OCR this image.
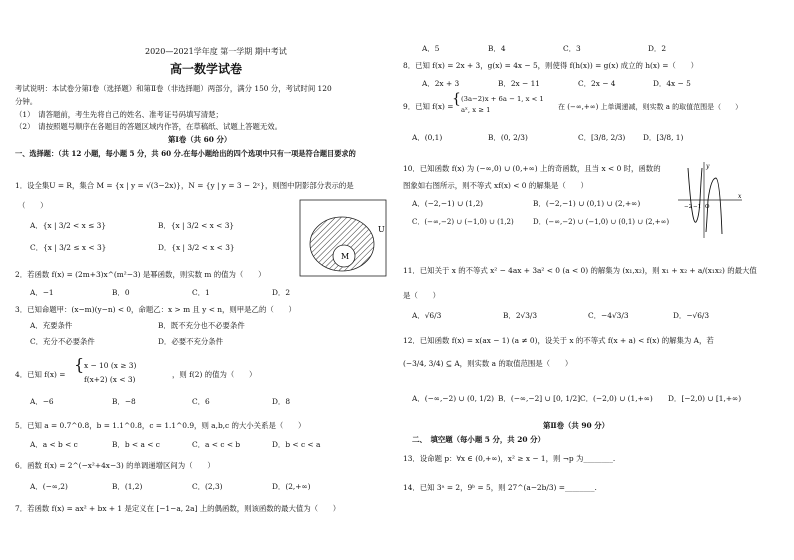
2020—2021学年度 第一学期 期中考试
高一数学试卷
考试说明：本试卷分第Ⅰ卷（选择题）和第Ⅱ卷（非选择题）两部分，满分 150 分，考试时间 120
分钟。
（1）　请答题前，考生先将自己的姓名、准考证号码填写清楚；
（2）　请按照题号顺序在各题目的答题区域内作答，在草稿纸、试题上答题无效。
第Ⅰ卷（共 60 分）
一、选择题：（共 12 小题，每小题 5 分，共 60 分.在每小题给出的四个选项中只有一项是符合题目要求的
1．设全集U = R，集合 M = {x | y = √(3−2x)}，N = {y | y = 3 − 2ˣ}，则图中阴影部分表示的是
（　　）
A．{x | 3/2 < x ≤ 3}	B．{x | 3/2 < x < 3}
C．{x | 3/2 ≤ x < 3}	D．{x | 3/2 < x < 3}
M
U
2．若函数 f(x) = (2m+3)x^(m²−3) 是幂函数，则实数 m 的值为（　　）
A．−1	B．0	C．1	D．2
3．已知命题甲：(x−m)(y−n) < 0，命题乙：x > m 且 y < n，则甲是乙的（　　）
A．充要条件	B．既不充分也不必要条件
C．充分不必要条件	D．必要不充分条件
4．已知 f(x) =
{ x − 10 (x ≥ 3)
f(x+2) (x < 3)
，则 f(2) 的值为（　　）
A．−6	B．−8	C．6	D．8
5．已知 a = 0.7^0.8，b = 1.1^0.8，c = 1.1^0.9，则 a,b,c 的大小关系是（　　）
A．a < b < c	B．b < a < c	C．a < c < b	D．b < c < a
6．函数 f(x) = 2^(−x²+4x−3) 的单调递增区间为（　　）
A．(−∞,2)	B．(1,2)	C．(2,3)	D．(2,+∞)
7．若函数 f(x) = ax² + bx + 1 是定义在 [−1−a, 2a] 上的偶函数，则该函数的最大值为（　　）
A．5	B．4	C．3	D．2
8．已知 f(x) = 2x + 3，g(x) = 4x − 5，则使得 f(h(x)) = g(x) 成立的 h(x) =（　　）
A．2x + 3	B．2x − 11	C．2x − 4	D．4x − 5
9．已知 f(x) =
{ (3a−2)x + 6a − 1, x < 1
aˣ, x ≥ 1	在 (−∞,+∞) 上单调递减，则实数 a 的取值范围是（　　）
A．(0,1)	B．(0, 2/3)	C．[3/8, 2/3) D．[3/8, 1)
10．已知函数 f(x) 为 (−∞,0) ∪ (0,+∞) 上的奇函数，且当 x < 0 时，函数的
图象如右图所示，则不等式 xf(x) < 0 的解集是（　　）
A．(−2,−1) ∪ (1,2)	B．(−2,−1) ∪ (0,1) ∪ (2,+∞)
C．(−∞,−2) ∪ (−1,0) ∪ (1,2)	D．(−∞,−2) ∪ (−1,0) ∪ (0,1) ∪ (2,+∞)
−2 −1 O
x
y
11．已知关于 x 的不等式 x² − 4ax + 3a² < 0 (a < 0) 的解集为 (x₁,x₂)，则 x₁ + x₂ + a/(x₁x₂) 的最大值
是（　　）
A．√6/3	B．2√3/3	C．−4√3/3	D．−√6/3
12．已知函数 f(x) = x(ax − 1) (a ≠ 0)，设关于 x 的不等式 f(x + a) < f(x) 的解集为 A，若
(−3/4, 3/4) ⊆ A，则实数 a 的取值范围是（　　）
A．(−∞,−2) ∪ (0, 1/2) B．(−∞,−2] ∪ [0, 1/2] C．(−2,0) ∪ (1,+∞) D．[−2,0) ∪ [1,+∞)
第Ⅱ卷（共 90 分）
二、　填空题（每小题 5 分，共 20 分）
13．设命题 p：∀x ∈ (0,+∞)，x² ≥ x − 1，则 ¬p 为________.
14．已知 3ᵃ = 2，9ᵇ = 5，则 27^(a−2b/3) =________.
